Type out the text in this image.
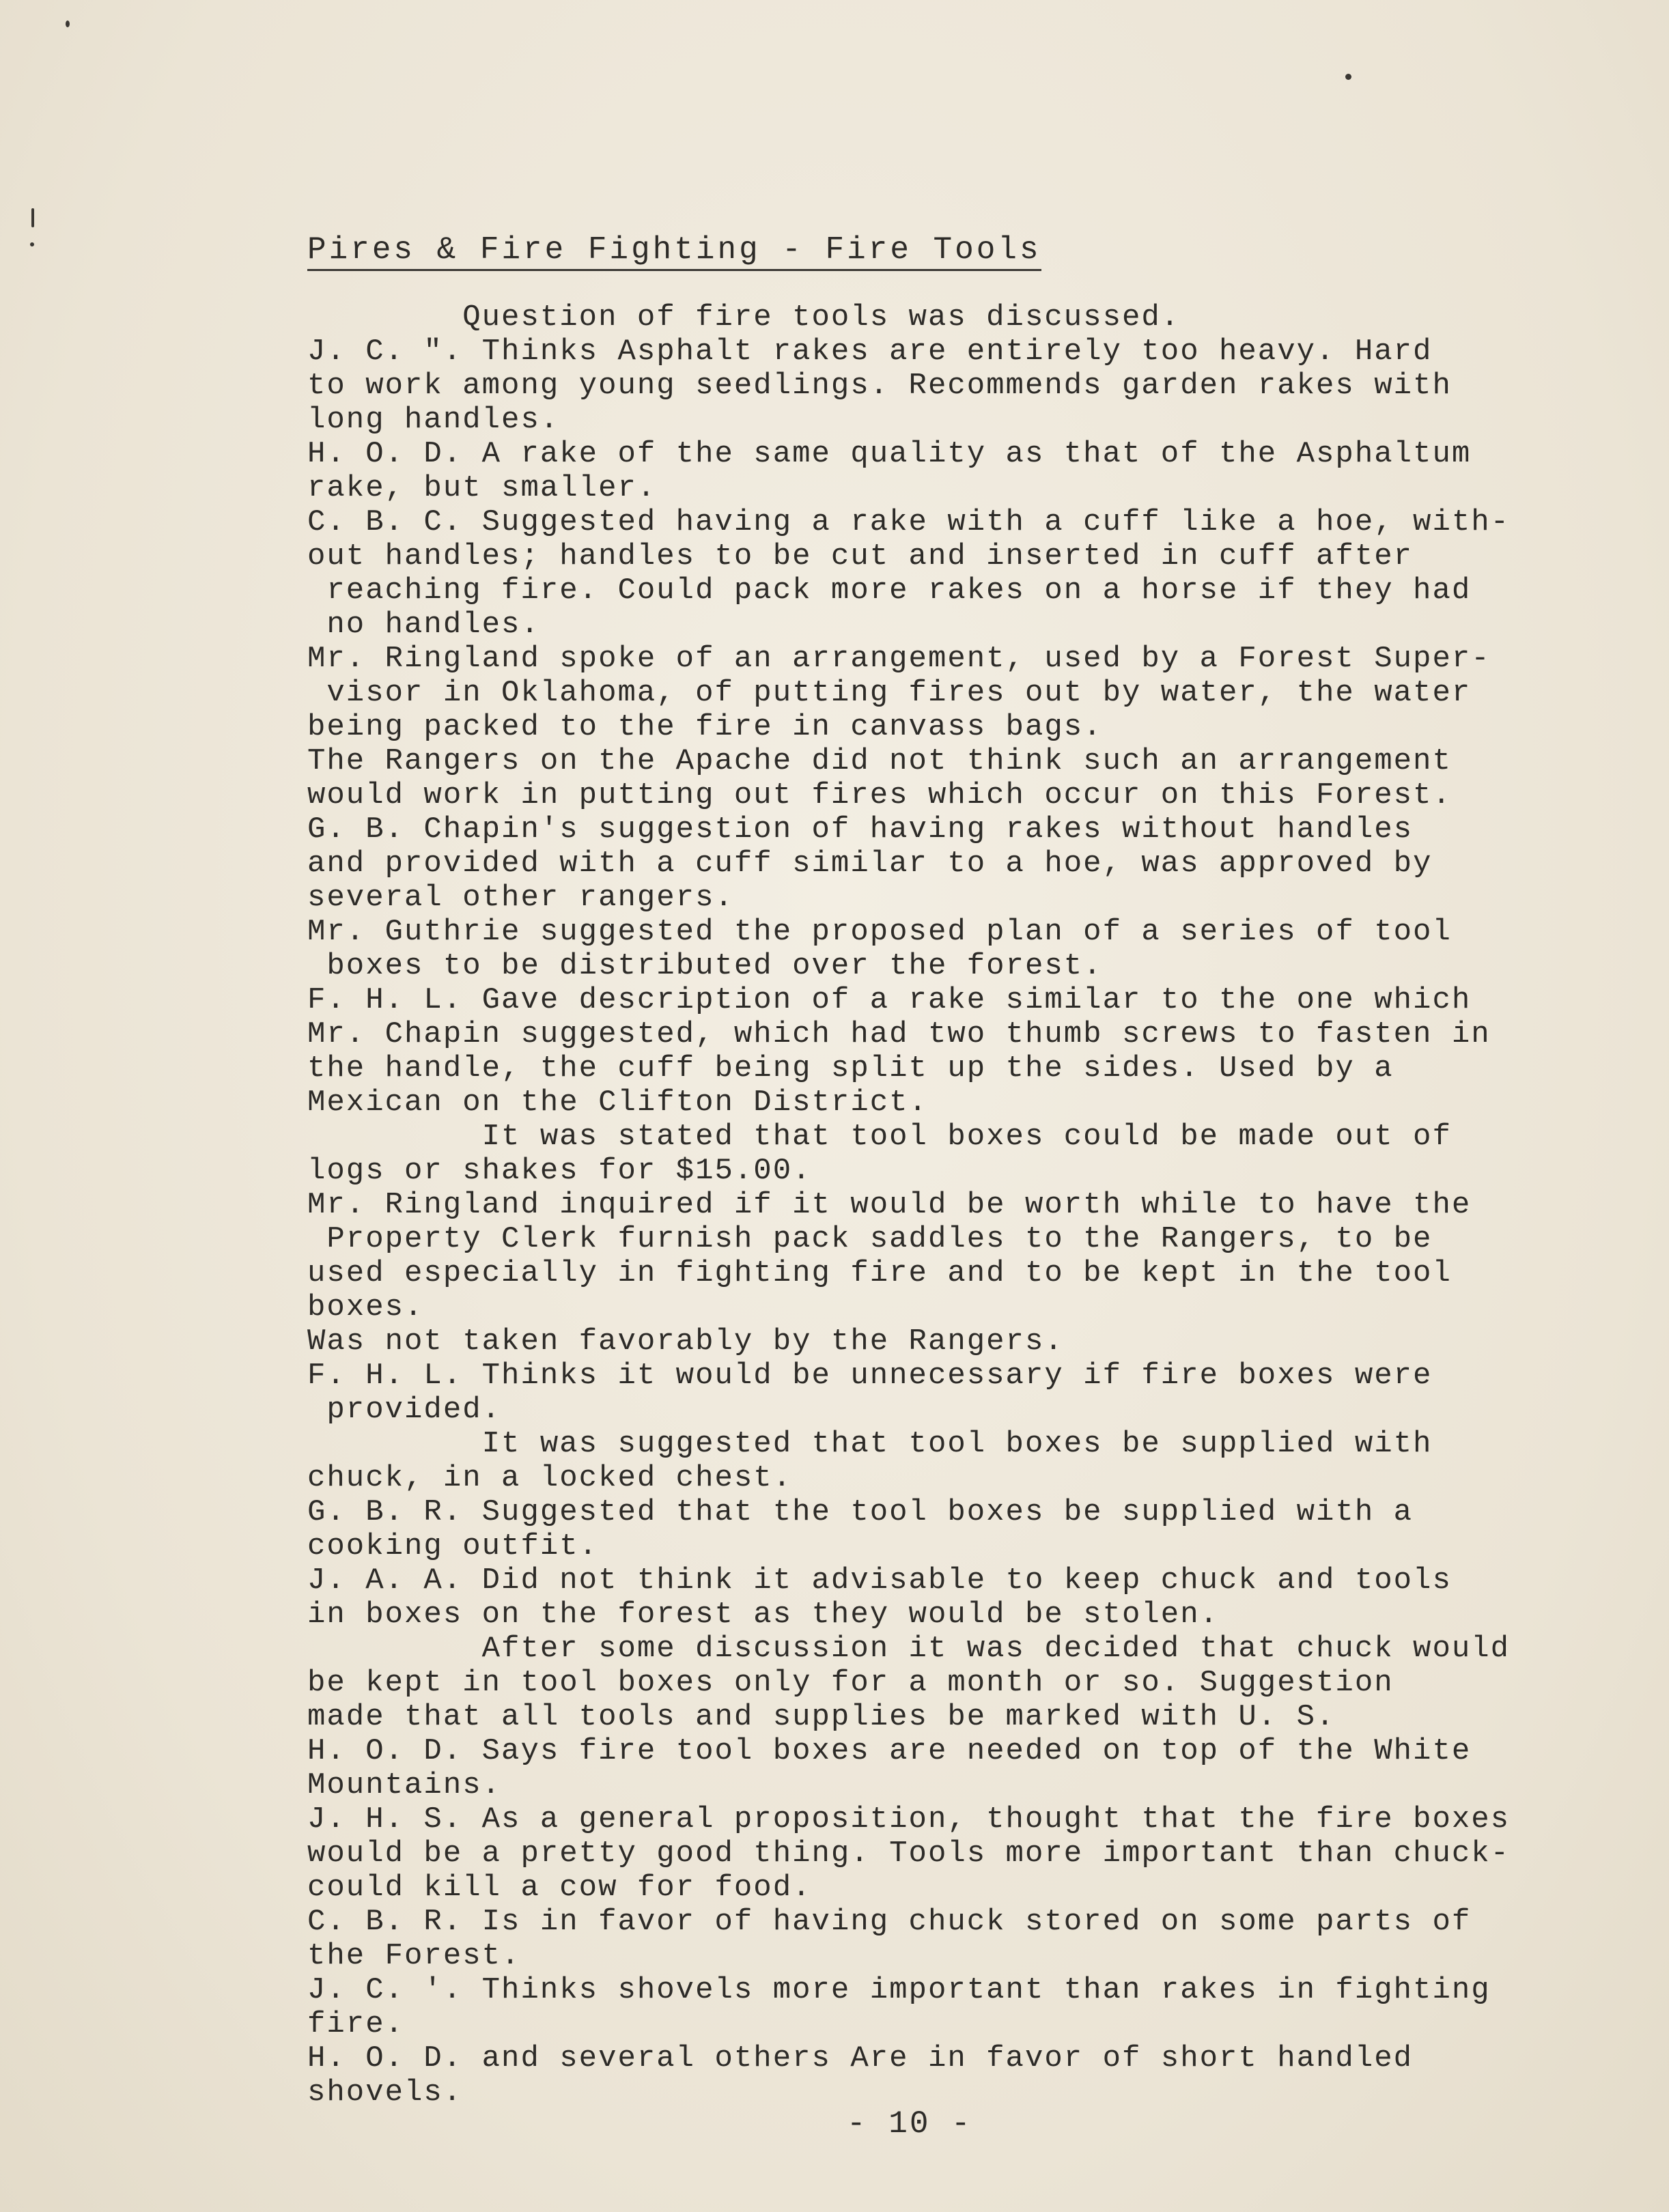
Pires & Fire Fighting - Fire Tools
Question of fire tools was discussed.
J. C. ". Thinks Asphalt rakes are entirely too heavy. Hard
to work among young seedlings. Recommends garden rakes with
long handles.
H. O. D. A rake of the same quality as that of the Asphaltum
rake, but smaller.
C. B. C. Suggested having a rake with a cuff like a hoe, with-
out handles; handles to be cut and inserted in cuff after
reaching fire. Could pack more rakes on a horse if they had
no handles.
Mr. Ringland spoke of an arrangement, used by a Forest Super-
visor in Oklahoma, of putting fires out by water, the water
being packed to the fire in canvass bags.
The Rangers on the Apache did not think such an arrangement
would work in putting out fires which occur on this Forest.
G. B. Chapin's suggestion of having rakes without handles
and provided with a cuff similar to a hoe, was approved by
several other rangers.
Mr. Guthrie suggested the proposed plan of a series of tool
boxes to be distributed over the forest.
F. H. L. Gave description of a rake similar to the one which
Mr. Chapin suggested, which had two thumb screws to fasten in
the handle, the cuff being split up the sides. Used by a
Mexican on the Clifton District.
It was stated that tool boxes could be made out of
logs or shakes for $15.00.
Mr. Ringland inquired if it would be worth while to have the
Property Clerk furnish pack saddles to the Rangers, to be
used especially in fighting fire and to be kept in the tool
boxes.
Was not taken favorably by the Rangers.
F. H. L. Thinks it would be unnecessary if fire boxes were
provided.
It was suggested that tool boxes be supplied with
chuck, in a locked chest.
G. B. R. Suggested that the tool boxes be supplied with a
cooking outfit.
J. A. A. Did not think it advisable to keep chuck and tools
in boxes on the forest as they would be stolen.
After some discussion it was decided that chuck would
be kept in tool boxes only for a month or so. Suggestion
made that all tools and supplies be marked with U. S.
H. O. D. Says fire tool boxes are needed on top of the White
Mountains.
J. H. S. As a general proposition, thought that the fire boxes
would be a pretty good thing. Tools more important than chuck-
could kill a cow for food.
C. B. R. Is in favor of having chuck stored on some parts of
the Forest.
J. C. '. Thinks shovels more important than rakes in fighting
fire.
H. O. D. and several others Are in favor of short handled
shovels.
- 10 -
